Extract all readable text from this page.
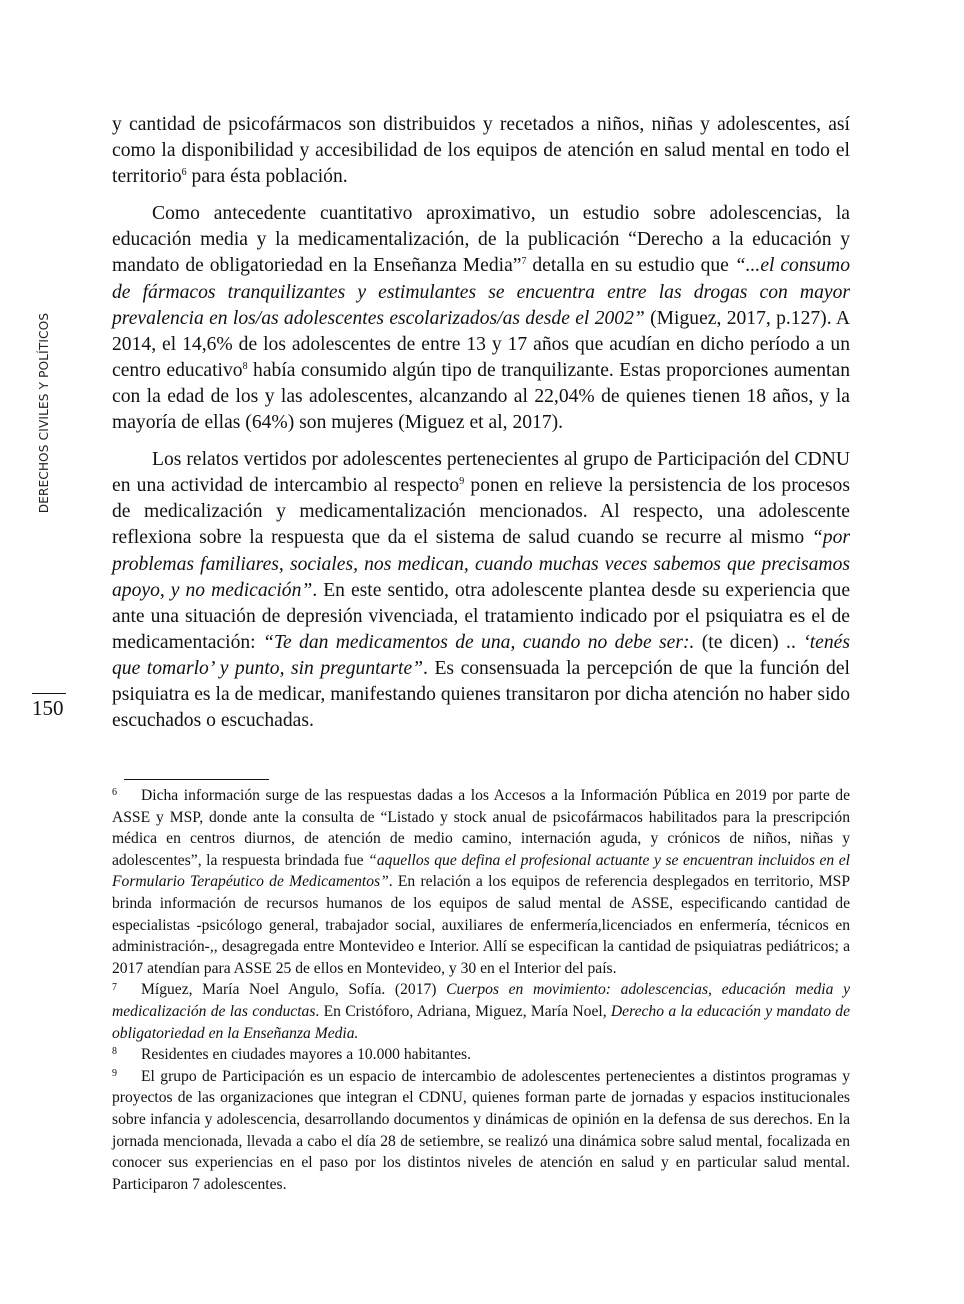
DERECHOS CIVILES Y POLÍTICOS
150

y cantidad de psicofármacos son distribuidos y recetados a niños, niñas y adolescentes, así como la disponibilidad y accesibilidad de los equipos de atención en salud mental en todo el territorio$^6$ para ésta población.

Como antecedente cuantitativo aproximativo, un estudio sobre adolescencias, la educación media y la medicamentalización, de la publicación “Derecho a la educación y mandato de obligatoriedad en la Enseñanza Media”$^7$ detalla en su estudio que “...el consumo de fármacos tranquilizantes y estimulantes se encuentra entre las drogas con mayor prevalencia en los/as adolescentes escolarizados/as desde el 2002” (Miguez, 2017, p.127). A 2014, el 14,6% de los adolescentes de entre 13 y 17 años que acudían en dicho período a un centro educativo$^8$ había consumido algún tipo de tranquilizante. Estas proporciones aumentan con la edad de los y las adolescentes, alcanzando al 22,04% de quienes tienen 18 años, y la mayoría de ellas (64%) son mujeres (Miguez et al, 2017).

Los relatos vertidos por adolescentes pertenecientes al grupo de Participación del CDNU en una actividad de intercambio al respecto$^9$ ponen en relieve la persistencia de los procesos de medicalización y medicamentalización mencionados. Al respecto, una adolescente reflexiona sobre la respuesta que da el sistema de salud cuando se recurre al mismo “por problemas familiares, sociales, nos medican, cuando muchas veces sabemos que precisamos apoyo, y no medicación”. En este sentido, otra adolescente plantea desde su experiencia que ante una situación de depresión vivenciada, el tratamiento indicado por el psiquiatra es el de medicamentación: “Te dan medicamentos de una, cuando no debe ser:. (te dicen) .. ‘tenés que tomarlo’ y punto, sin preguntarte”. Es consensuada la percepción de que la función del psiquiatra es la de medicar, manifestando quienes transitaron por dicha atención no haber sido escuchados o escuchadas.

6 Dicha información surge de las respuestas dadas a los Accesos a la Información Pública en 2019 por parte de ASSE y MSP, donde ante la consulta de “Listado y stock anual de psicofármacos habilitados para la prescripción médica en centros diurnos, de atención de medio camino, internación aguda, y crónicos de niños, niñas y adolescentes”, la respuesta brindada fue “aquellos que defina el profesional actuante y se encuentran incluidos en el Formulario Terapéutico de Medicamentos”. En relación a los equipos de referencia desplegados en territorio, MSP brinda información de recursos humanos de los equipos de salud mental de ASSE, especificando cantidad de especialistas -psicólogo general, trabajador social, auxiliares de enfermería,licenciados en enfermería, técnicos en administración-,, desagregada entre Montevideo e Interior. Allí se especifican la cantidad de psiquiatras pediátricos; a 2017 atendían para ASSE 25 de ellos en Montevideo, y 30 en el Interior del país.

7 Míguez, María Noel Angulo, Sofía. (2017) Cuerpos en movimiento: adolescencias, educación media y medicalización de las conductas. En Cristóforo, Adriana, Miguez, María Noel, Derecho a la educación y mandato de obligatoriedad en la Enseñanza Media.

8 Residentes en ciudades mayores a 10.000 habitantes.

9 El grupo de Participación es un espacio de intercambio de adolescentes pertenecientes a distintos programas y proyectos de las organizaciones que integran el CDNU, quienes forman parte de jornadas y espacios institucionales sobre infancia y adolescencia, desarrollando documentos y dinámicas de opinión en la defensa de sus derechos. En la jornada mencionada, llevada a cabo el día 28 de setiembre, se realizó una dinámica sobre salud mental, focalizada en conocer sus experiencias en el paso por los distintos niveles de atención en salud y en particular salud mental. Participaron 7 adolescentes.
